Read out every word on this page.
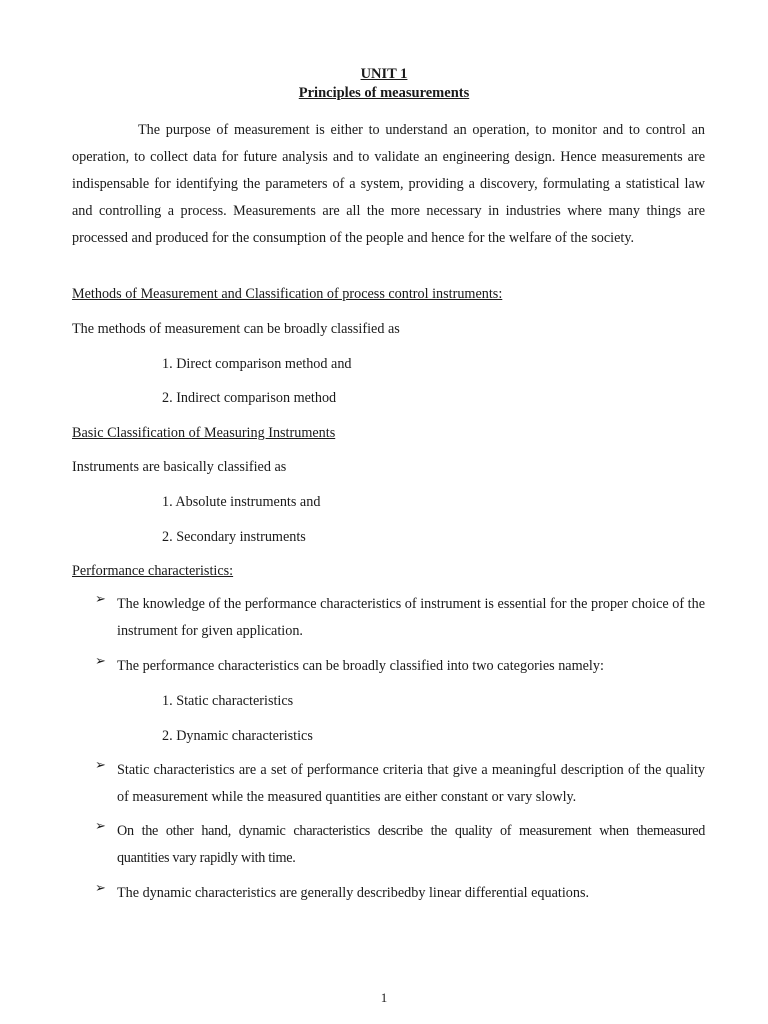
UNIT 1
Principles of measurements

The purpose of measurement is either to understand an operation, to monitor and to control an operation, to collect data for future analysis and to validate an engineering design. Hence measurements are indispensable for identifying the parameters of a system, providing a discovery, formulating a statistical law and controlling a process. Measurements are all the more necessary in industries where many things are processed and produced for the consumption of the people and hence for the welfare of the society.

Methods of Measurement and Classification of process control instruments:

The methods of measurement can be broadly classified as

1. Direct comparison method and

2. Indirect comparison method

Basic Classification of Measuring Instruments

Instruments are basically classified as

1. Absolute instruments and

2. Secondary instruments

Performance characteristics:

➢ The knowledge of the performance characteristics of instrument is essential for the proper choice of the instrument for given application.
➢ The performance characteristics can be broadly classified into two categories namely:

1. Static characteristics

2. Dynamic characteristics

➢ Static characteristics are a set of performance criteria that give a meaningful description of the quality of measurement while the measured quantities are either constant or vary slowly.
➢ On the other hand, dynamic characteristics describe the quality of measurement when themeasured quantities vary rapidly with time.
➢ The dynamic characteristics are generally describedby linear differential equations.
1
